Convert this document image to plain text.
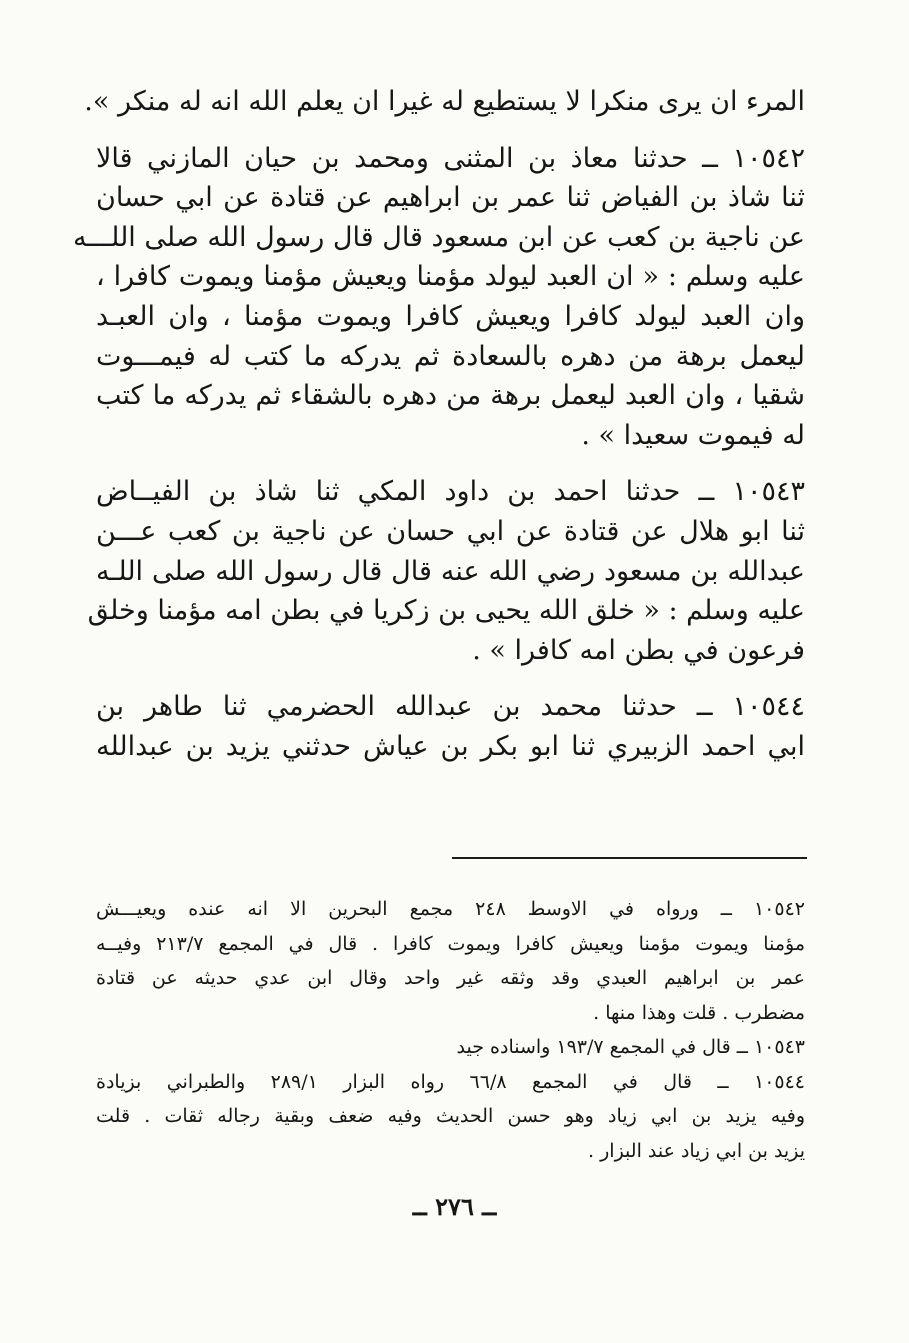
المرء ان يرى منكرا لا يستطيع له غيرا ان يعلم الله انه له منكر ».
١٠٥٤٢ ــ حدثنا معاذ بن المثنى ومحمد بن حيان المازني قالا
ثنا شاذ بن الفياض ثنا عمر بن ابراهيم عن قتادة عن ابي حسان
عن ناجية بن كعب عن ابن مسعود قال قال رسول الله صلى اللـــه
عليه وسلم : « ان العبد ليولد مؤمنا ويعيش مؤمنا ويموت كافرا ،
وان العبد ليولد كافرا ويعيش كافرا ويموت مؤمنا ، وان العبـد
ليعمل برهة من دهره بالسعادة ثم يدركه ما كتب له فيمـــوت
شقيا ، وان العبد ليعمل برهة من دهره بالشقاء ثم يدركه ما كتب
له فيموت سعيدا » .
١٠٥٤٣ ــ حدثنا احمد بن داود المكي ثنا شاذ بن الفيــاض
ثنا ابو هلال عن قتادة عن ابي حسان عن ناجية بن كعب عـــن
عبدالله بن مسعود رضي الله عنه قال قال رسول الله صلى اللـه
عليه وسلم : « خلق الله يحيى بن زكريا في بطن امه مؤمنا وخلق
فرعون في بطن امه كافرا » .
١٠٥٤٤ ــ حدثنا محمد بن عبدالله الحضرمي ثنا طاهر بن
ابي احمد الزبيري ثنا ابو بكر بن عياش حدثني يزيد بن عبدالله
١٠٥٤٢ ــ ورواه في الاوسط ٢٤٨ مجمع البحرين الا انه عنده ويعيـــش
مؤمنا ويموت مؤمنا ويعيش كافرا ويموت كافرا . قال في المجمع ٢١٣/٧ وفيــه
عمر بن ابراهيم العبدي وقد وثقه غير واحد وقال ابن عدي حديثه عن قتادة
مضطرب . قلت وهذا منها .
١٠٥٤٣ ــ قال في المجمع ١٩٣/٧ واسناده جيد
١٠٥٤٤ ــ قال في المجمع ٦٦/٨ رواه البزار ٢٨٩/١ والطبراني بزيادة
وفيه يزيد بن ابي زياد وهو حسن الحديث وفيه ضعف وبقية رجاله ثقات . قلت
يزيد بن ابي زياد عند البزار .
ــ ٢٧٦ ــ
